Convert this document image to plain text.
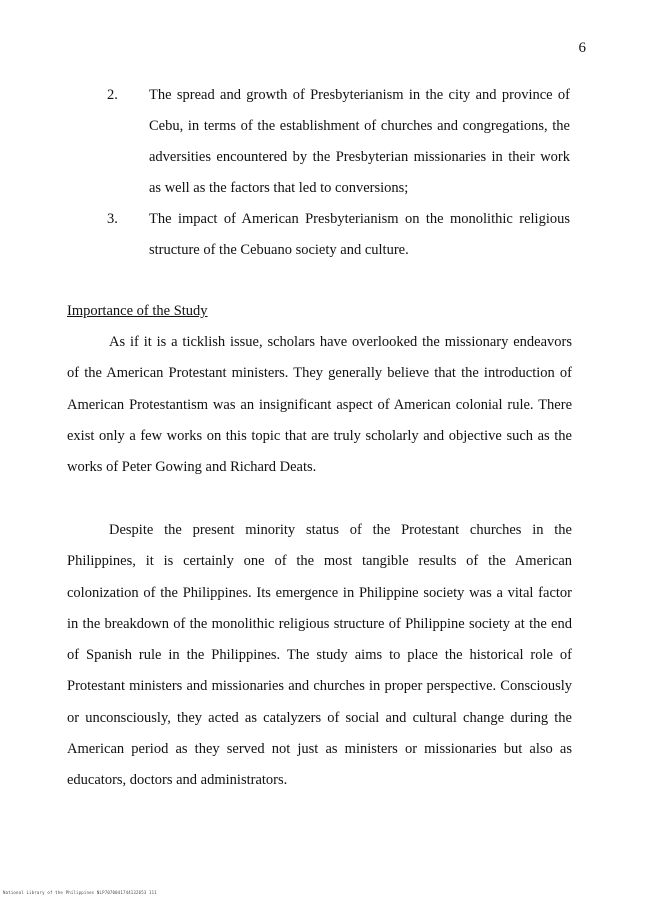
6
2. The spread and growth of Presbyterianism in the city and province of Cebu, in terms of the establishment of churches and congregations, the adversities encountered by the Presbyterian missionaries in their work as well as the factors that led to conversions;
3. The impact of American Presbyterianism on the monolithic religious structure of the Cebuano society and culture.
Importance of the Study

As if it is a ticklish issue, scholars have overlooked the missionary endeavors of the American Protestant ministers. They generally believe that the introduction of American Protestantism was an insignificant aspect of American colonial rule. There exist only a few works on this topic that are truly scholarly and objective such as the works of Peter Gowing and Richard Deats.

Despite the present minority status of the Protestant churches in the Philippines, it is certainly one of the most tangible results of the American colonization of the Philippines. Its emergence in Philippine society was a vital factor in the breakdown of the monolithic religious structure of Philippine society at the end of Spanish rule in the Philippines. The study aims to place the historical role of Protestant ministers and missionaries and churches in proper perspective. Consciously or unconsciously, they acted as catalyzers of social and cultural change during the American period as they served not just as ministers or missionaries but also as educators, doctors and administrators.

National Library of the Philippines NLP7070041744132653 111
